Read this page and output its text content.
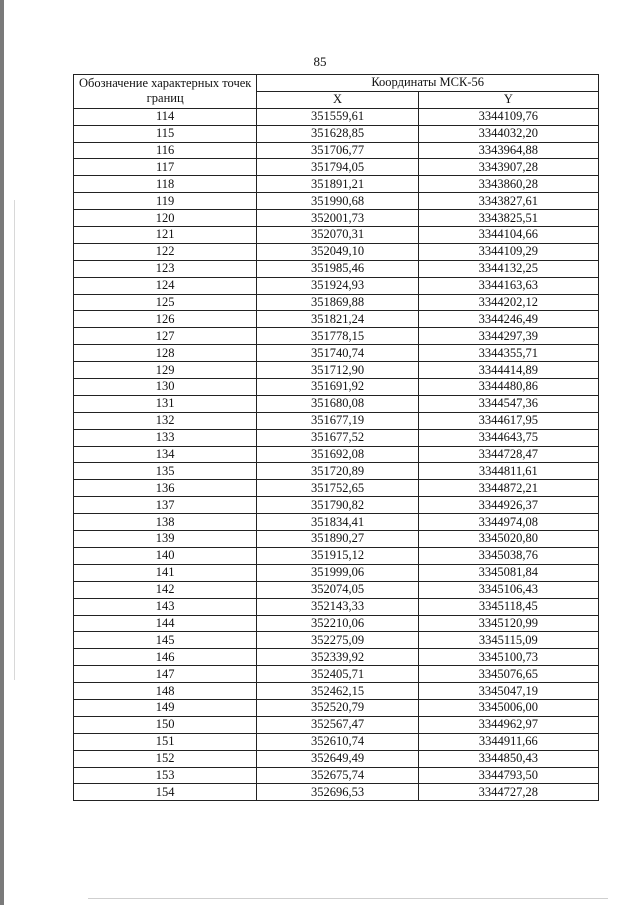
85
Обозначение характерных точек границ	Координаты МСК-56	
	X	Y
114	351559,61	3344109,76
115	351628,85	3344032,20
116	351706,77	3343964,88
117	351794,05	3343907,28
118	351891,21	3343860,28
119	351990,68	3343827,61
120	352001,73	3343825,51
121	352070,31	3344104,66
122	352049,10	3344109,29
123	351985,46	3344132,25
124	351924,93	3344163,63
125	351869,88	3344202,12
126	351821,24	3344246,49
127	351778,15	3344297,39
128	351740,74	3344355,71
129	351712,90	3344414,89
130	351691,92	3344480,86
131	351680,08	3344547,36
132	351677,19	3344617,95
133	351677,52	3344643,75
134	351692,08	3344728,47
135	351720,89	3344811,61
136	351752,65	3344872,21
137	351790,82	3344926,37
138	351834,41	3344974,08
139	351890,27	3345020,80
140	351915,12	3345038,76
141	351999,06	3345081,84
142	352074,05	3345106,43
143	352143,33	3345118,45
144	352210,06	3345120,99
145	352275,09	3345115,09
146	352339,92	3345100,73
147	352405,71	3345076,65
148	352462,15	3345047,19
149	352520,79	3345006,00
150	352567,47	3344962,97
151	352610,74	3344911,66
152	352649,49	3344850,43
153	352675,74	3344793,50
154	352696,53	3344727,28
